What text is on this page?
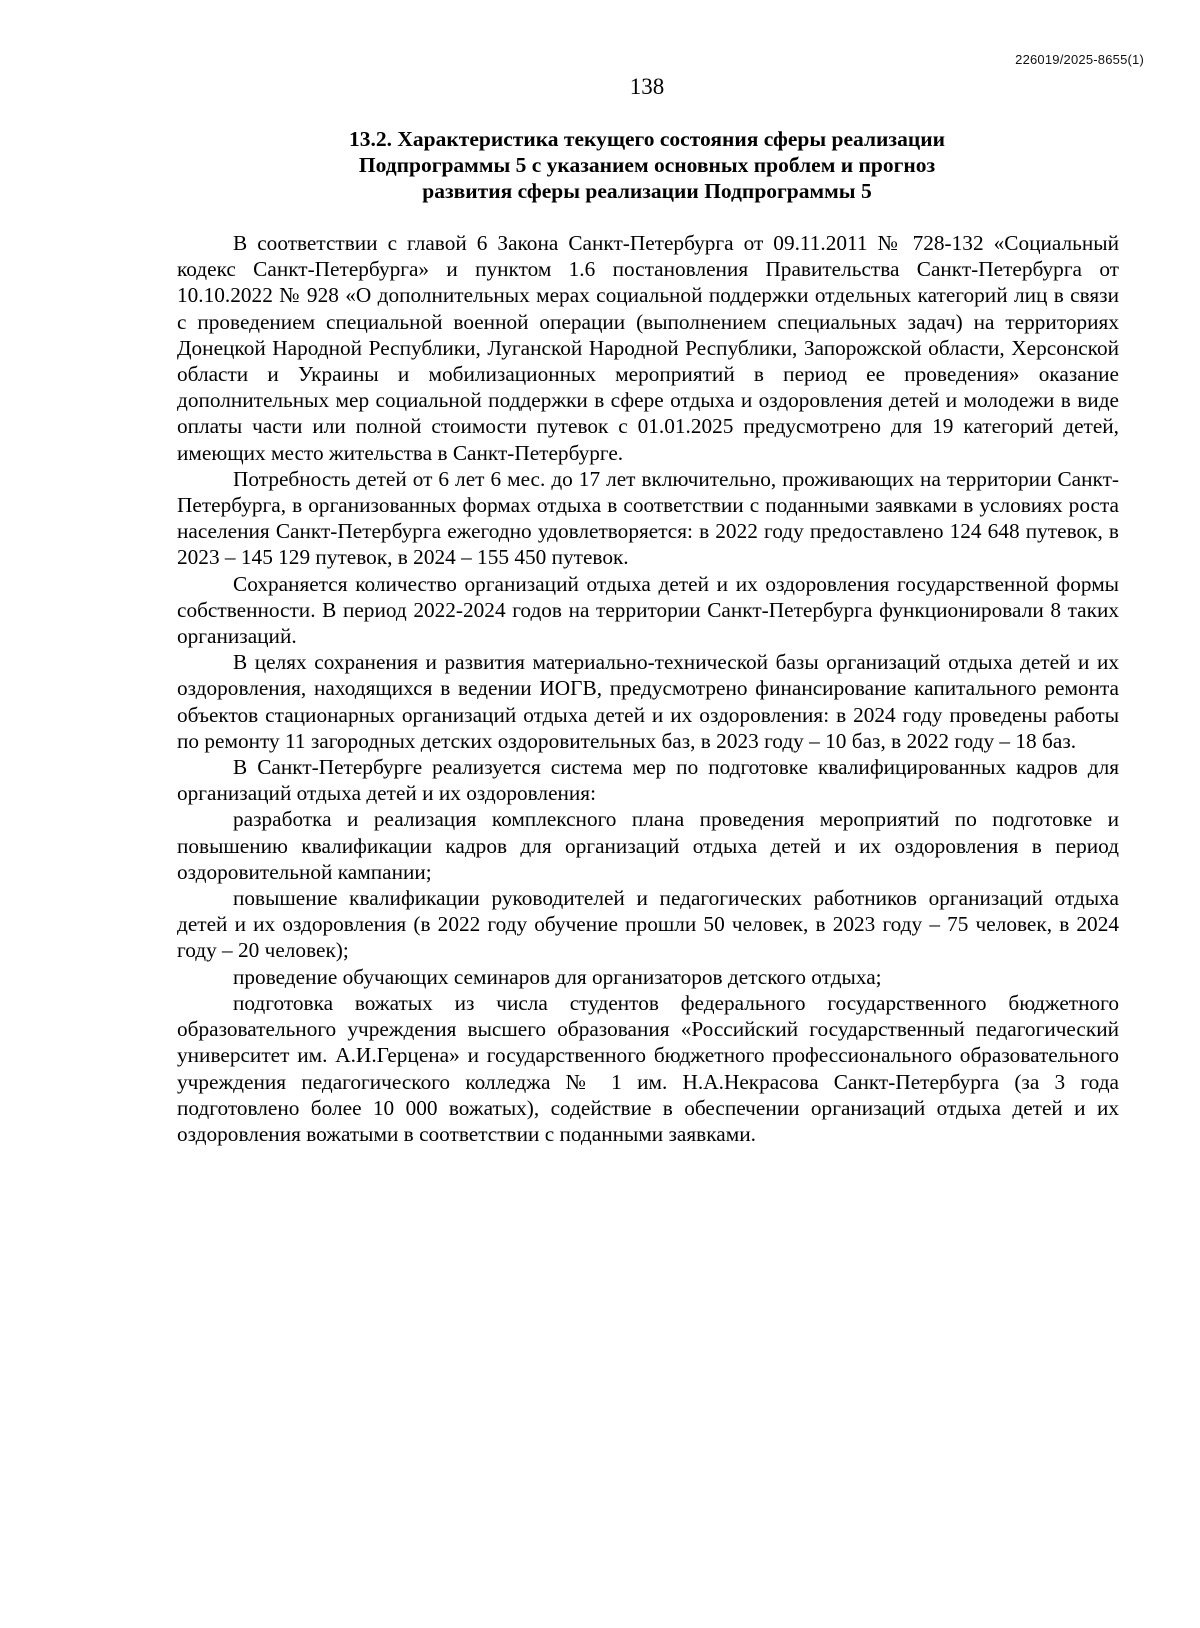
226019/2025-8655(1)
138
13.2. Характеристика текущего состояния сферы реализации
Подпрограммы 5 с указанием основных проблем и прогноз
развития сферы реализации Подпрограммы 5

В соответствии с главой 6 Закона Санкт-Петербурга от 09.11.2011 № 728-132 «Социальный кодекс Санкт-Петербурга» и пунктом 1.6 постановления Правительства Санкт-Петербурга от 10.10.2022 № 928 «О дополнительных мерах социальной поддержки отдельных категорий лиц в связи с проведением специальной военной операции (выполнением специальных задач) на территориях Донецкой Народной Республики, Луганской Народной Республики, Запорожской области, Херсонской области и Украины и мобилизационных мероприятий в период ее проведения» оказание дополнительных мер социальной поддержки в сфере отдыха и оздоровления детей и молодежи в виде оплаты части или полной стоимости путевок с 01.01.2025 предусмотрено для 19 категорий детей, имеющих место жительства в Санкт-Петербурге.

Потребность детей от 6 лет 6 мес. до 17 лет включительно, проживающих на территории Санкт-Петербурга, в организованных формах отдыха в соответствии с поданными заявками в условиях роста населения Санкт-Петербурга ежегодно удовлетворяется: в 2022 году предоставлено 124 648 путевок, в 2023 – 145 129 путевок, в 2024 – 155 450 путевок.

Сохраняется количество организаций отдыха детей и их оздоровления государственной формы собственности. В период 2022-2024 годов на территории Санкт-Петербурга функционировали 8 таких организаций.

В целях сохранения и развития материально-технической базы организаций отдыха детей и их оздоровления, находящихся в ведении ИОГВ, предусмотрено финансирование капитального ремонта объектов стационарных организаций отдыха детей и их оздоровления: в 2024 году проведены работы по ремонту 11 загородных детских оздоровительных баз, в 2023 году – 10 баз, в 2022 году – 18 баз.

В Санкт-Петербурге реализуется система мер по подготовке квалифицированных кадров для организаций отдыха детей и их оздоровления:

разработка и реализация комплексного плана проведения мероприятий по подготовке и повышению квалификации кадров для организаций отдыха детей и их оздоровления в период оздоровительной кампании;

повышение квалификации руководителей и педагогических работников организаций отдыха детей и их оздоровления (в 2022 году обучение прошли 50 человек, в 2023 году – 75 человек, в 2024 году – 20 человек);

проведение обучающих семинаров для организаторов детского отдыха;

подготовка вожатых из числа студентов федерального государственного бюджетного образовательного учреждения высшего образования «Российский государственный педагогический университет им. А.И.Герцена» и государственного бюджетного профессионального образовательного учреждения педагогического колледжа № 1 им. Н.А.Некрасова Санкт-Петербурга (за 3 года подготовлено более 10 000 вожатых), содействие в обеспечении организаций отдыха детей и их оздоровления вожатыми в соответствии с поданными заявками.
